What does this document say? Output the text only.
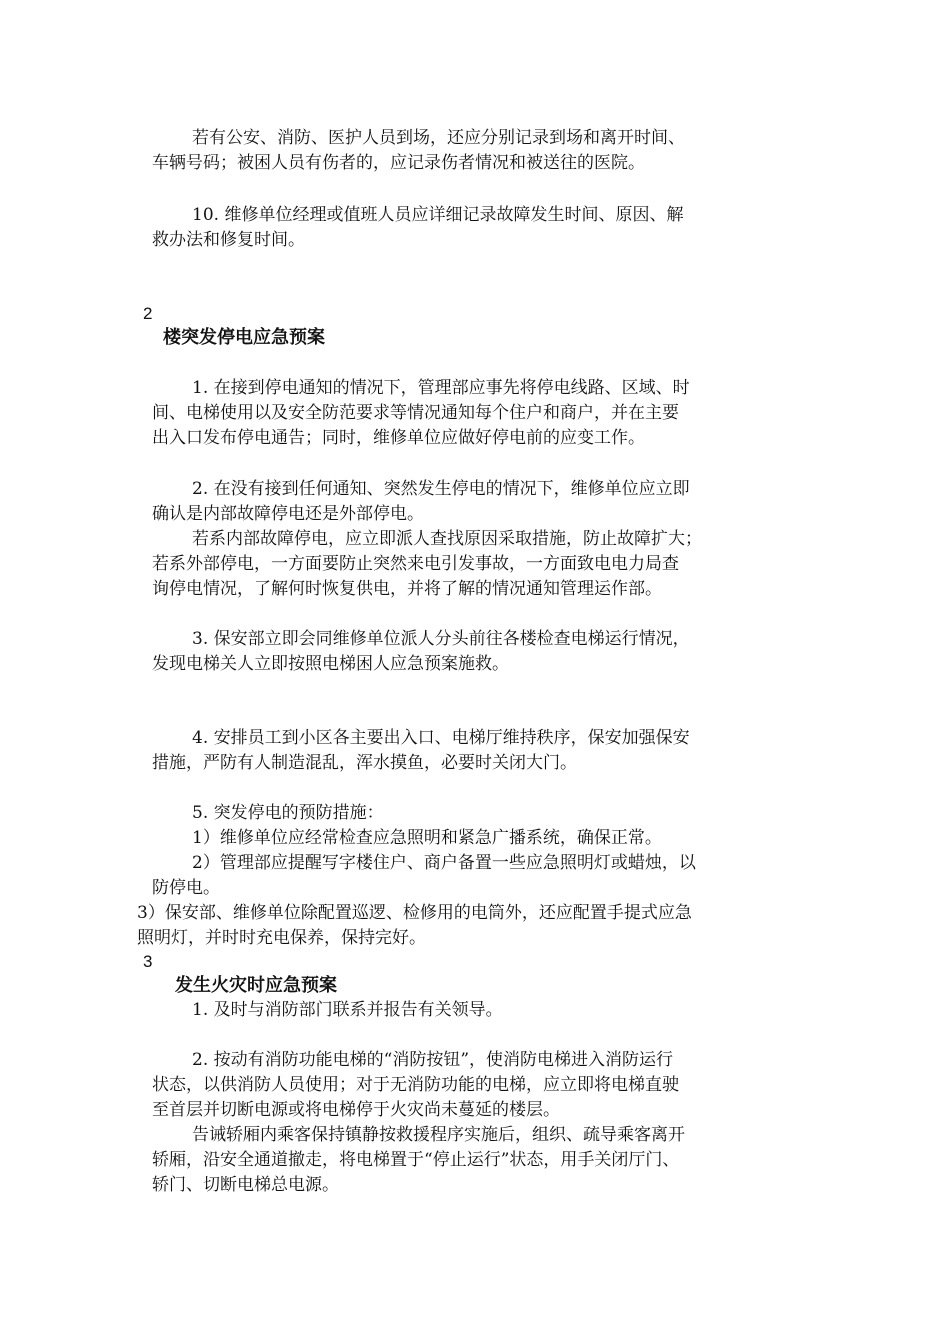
若有公安、消防、医护人员到场，还应分别记录到场和离开时间、
车辆号码；被困人员有伤者的，应记录伤者情况和被送往的医院。
10. 维修单位经理或值班人员应详细记录故障发生时间、原因、解
救办法和修复时间。
2
楼突发停电应急预案
1. 在接到停电通知的情况下，管理部应事先将停电线路、区域、时
间、电梯使用以及安全防范要求等情况通知每个住户和商户，并在主要
出入口发布停电通告；同时，维修单位应做好停电前的应变工作。
2. 在没有接到任何通知、突然发生停电的情况下，维修单位应立即
确认是内部故障停电还是外部停电。
若系内部故障停电，应立即派人查找原因采取措施，防止故障扩大；
若系外部停电，一方面要防止突然来电引发事故，一方面致电电力局查
询停电情况，了解何时恢复供电，并将了解的情况通知管理运作部。
3. 保安部立即会同维修单位派人分头前往各楼检查电梯运行情况，
发现电梯关人立即按照电梯困人应急预案施救。
4. 安排员工到小区各主要出入口、电梯厅维持秩序，保安加强保安
措施，严防有人制造混乱，浑水摸鱼，必要时关闭大门。
5. 突发停电的预防措施：
1）维修单位应经常检查应急照明和紧急广播系统，确保正常。
2）管理部应提醒写字楼住户、商户备置一些应急照明灯或蜡烛，以
防停电。
3）保安部、维修单位除配置巡逻、检修用的电筒外，还应配置手提式应急
照明灯，并时时充电保养，保持完好。
3
发生火灾时应急预案
1. 及时与消防部门联系并报告有关领导。
2. 按动有消防功能电梯的“消防按钮”，使消防电梯进入消防运行
状态，以供消防人员使用；对于无消防功能的电梯，应立即将电梯直驶
至首层并切断电源或将电梯停于火灾尚未蔓延的楼层。
告诫轿厢内乘客保持镇静按救援程序实施后，组织、疏导乘客离开
轿厢，沿安全通道撤走，将电梯置于“停止运行”状态，用手关闭厅门、
轿门、切断电梯总电源。
